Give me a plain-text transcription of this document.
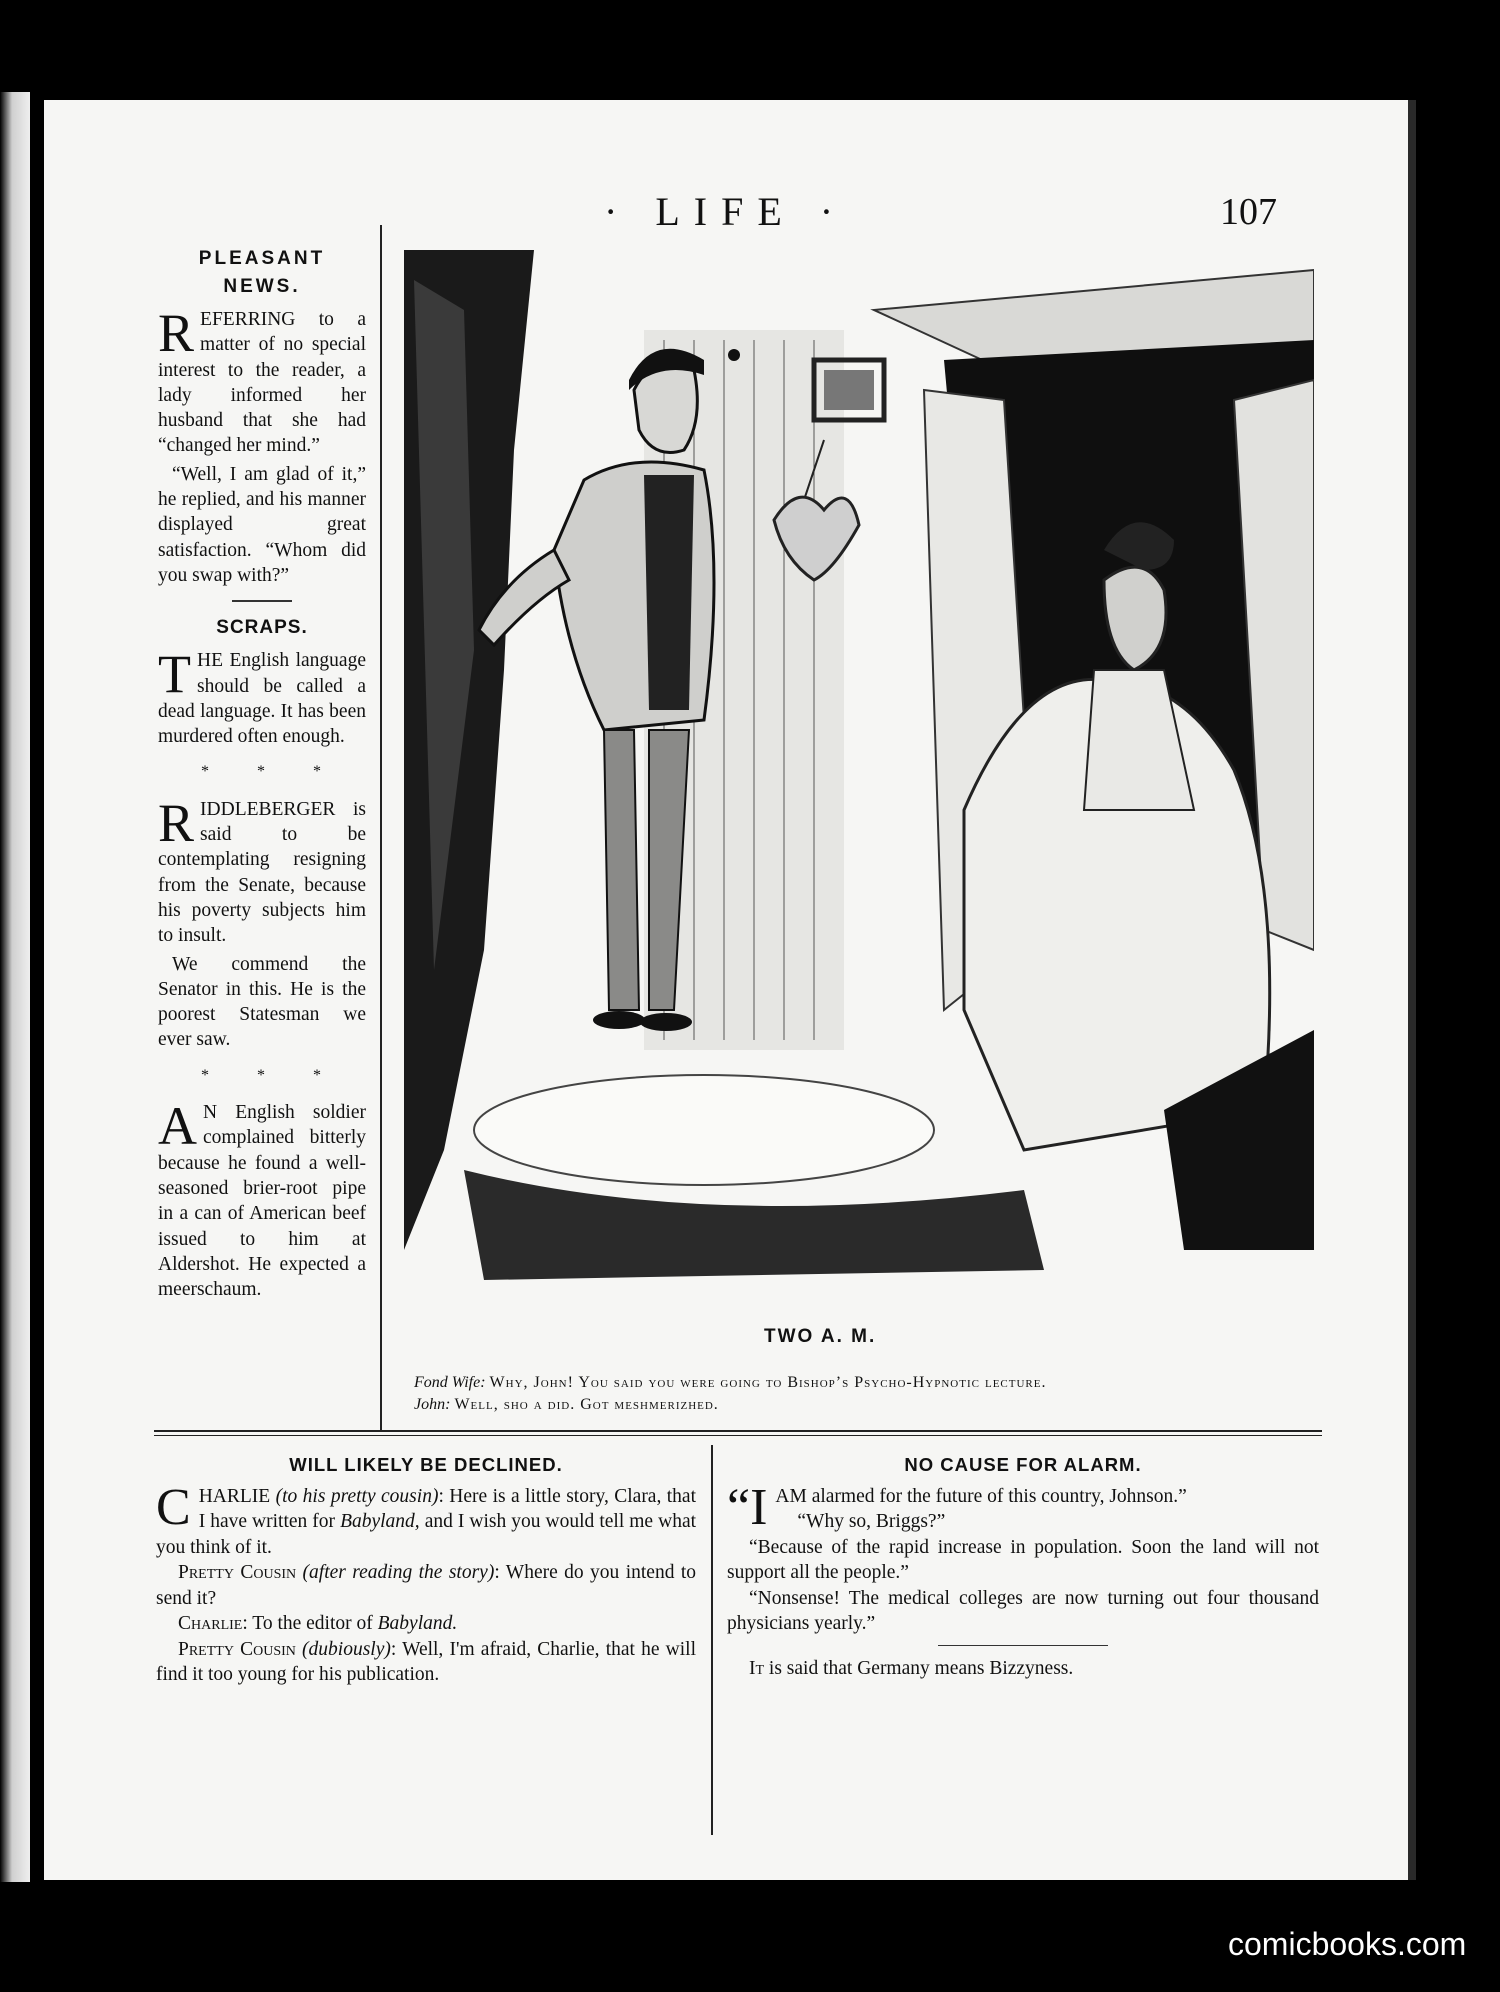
· LIFE ·	107
PLEASANT NEWS.

REFERRING to a matter of no special interest to the reader, a lady informed her husband that she had “changed her mind.”

“Well, I am glad of it,” he replied, and his manner displayed great satisfaction. “Whom did you swap with?”

SCRAPS.

THE English language should be called a dead language. It has been murdered often enough.

* * *

RIDDLEBERGER is said to be contemplating resigning from the Senate, because his poverty subjects him to insult.

We commend the Senator in this. He is the poorest Statesman we ever saw.

* * *

A N English soldier complained bitterly because he found a well-seasoned brier-root pipe in a can of American beef issued to him at Aldershot. He expected a meerschaum.

TWO A. M.
Fond Wife: Why, John! You said you were going to Bishop’s Psycho-Hypnotic lecture.
John: Well, sho a did. Got meshmerizhed.
WILL LIKELY BE DECLINED.

CHARLIE (to his pretty cousin): Here is a little story, Clara, that I have written for Babyland, and I wish you would tell me what you think of it.

Pretty Cousin (after reading the story): Where do you intend to send it?

Charlie: To the editor of Babyland.

Pretty Cousin (dubiously): Well, I'm afraid, Charlie, that he will find it too young for his publication.

NO CAUSE FOR ALARM.

“IAM alarmed for the future of this country, Johnson.”

“Why so, Briggs?”

“Because of the rapid increase in population. Soon the land will not support all the people.”

“Nonsense! The medical colleges are now turning out four thousand physicians yearly.”

It is said that Germany means Bizzyness.

comicbooks.com
